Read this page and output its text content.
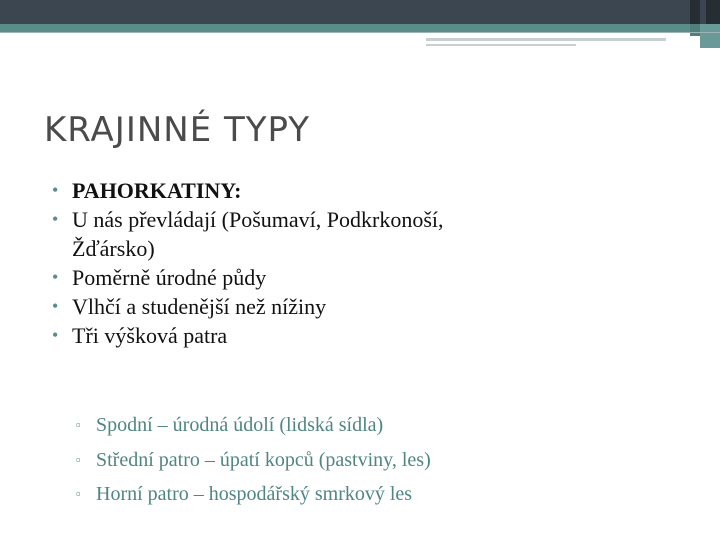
KRAJINNÉ TYPY
• PAHORKATINY:
• U nás převládají (Pošumaví, Podkrkonoší,
Žďársko)
• Poměrně úrodné půdy
• Vlhčí a studenější než nížiny
• Tři výšková patra
▫ Spodní – úrodná údolí (lidská sídla)
▫ Střední patro – úpatí kopců (pastviny, les)
▫ Horní patro – hospodářský smrkový les
